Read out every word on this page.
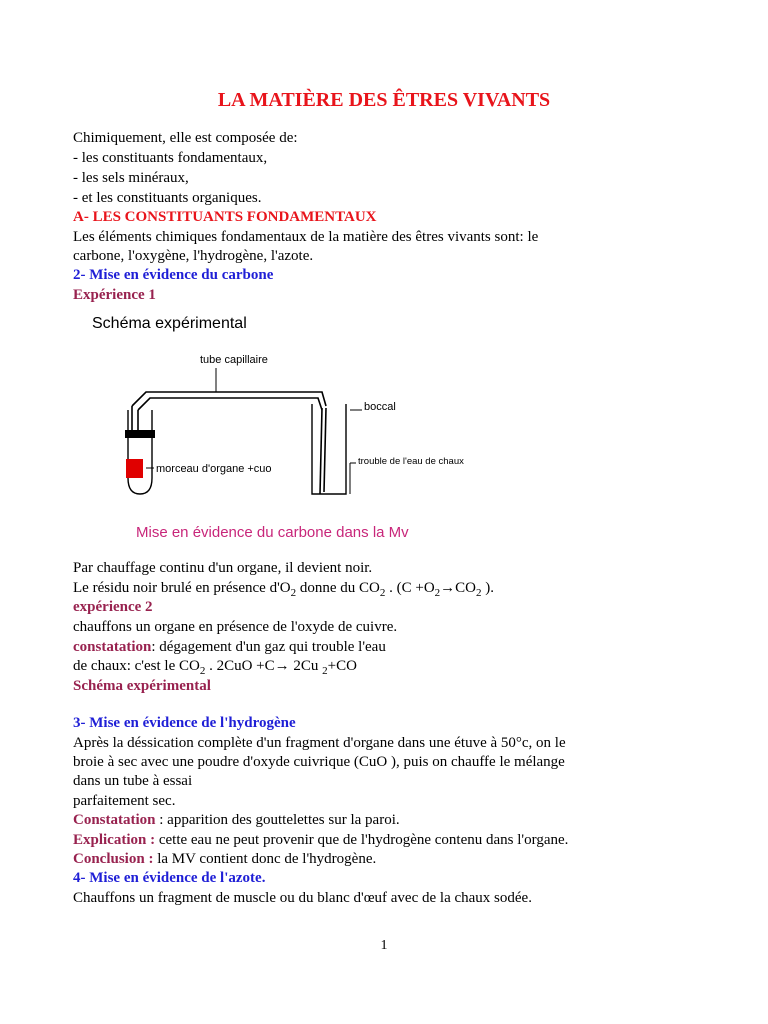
LA MATIÈRE DES ÊTRES VIVANTS
Chimiquement, elle est composée de:
- les constituants fondamentaux,
- les sels minéraux,
- et les constituants organiques.
A- LES CONSTITUANTS FONDAMENTAUX
Les éléments chimiques fondamentaux de la matière des êtres vivants sont: le
carbone, l'oxygène, l'hydrogène, l'azote.
2- Mise en évidence du carbone
Expérience 1
Schéma expérimental
tube capillaire
morceau d'organe +cuo
boccal
trouble de l'eau de chaux
Mise en évidence du carbone dans la Mv
Par chauffage continu d'un organe, il devient noir.
Le résidu noir brulé en présence $d'O_2$ donne du $CO_2$ . ($C +O_2\to CO_2$ ).
expérience 2
chauffons un organe en présence de l'oxyde de cuivre.
constatation: dégagement d'un gaz qui trouble l'eau
de chaux: c'est le $CO_2$ . 2CuO +C→ 2Cu $_2$+CO
Schéma expérimental
3- Mise en évidence de l'hydrogène
Après la déssication complète d'un fragment d'organe dans une étuve à 50°c, on le
broie à sec avec une poudre d'oxyde cuivrique (CuO ), puis on chauffe le mélange
dans un tube à essai
parfaitement sec.
Constatation : apparition des gouttelettes sur la paroi.
Explication : cette eau ne peut provenir que de l'hydrogène contenu dans l'organe.
Conclusion : la MV contient donc de l'hydrogène.
4- Mise en évidence de l'azote.
Chauffons un fragment de muscle ou du blanc d'œuf avec de la chaux sodée.
1
